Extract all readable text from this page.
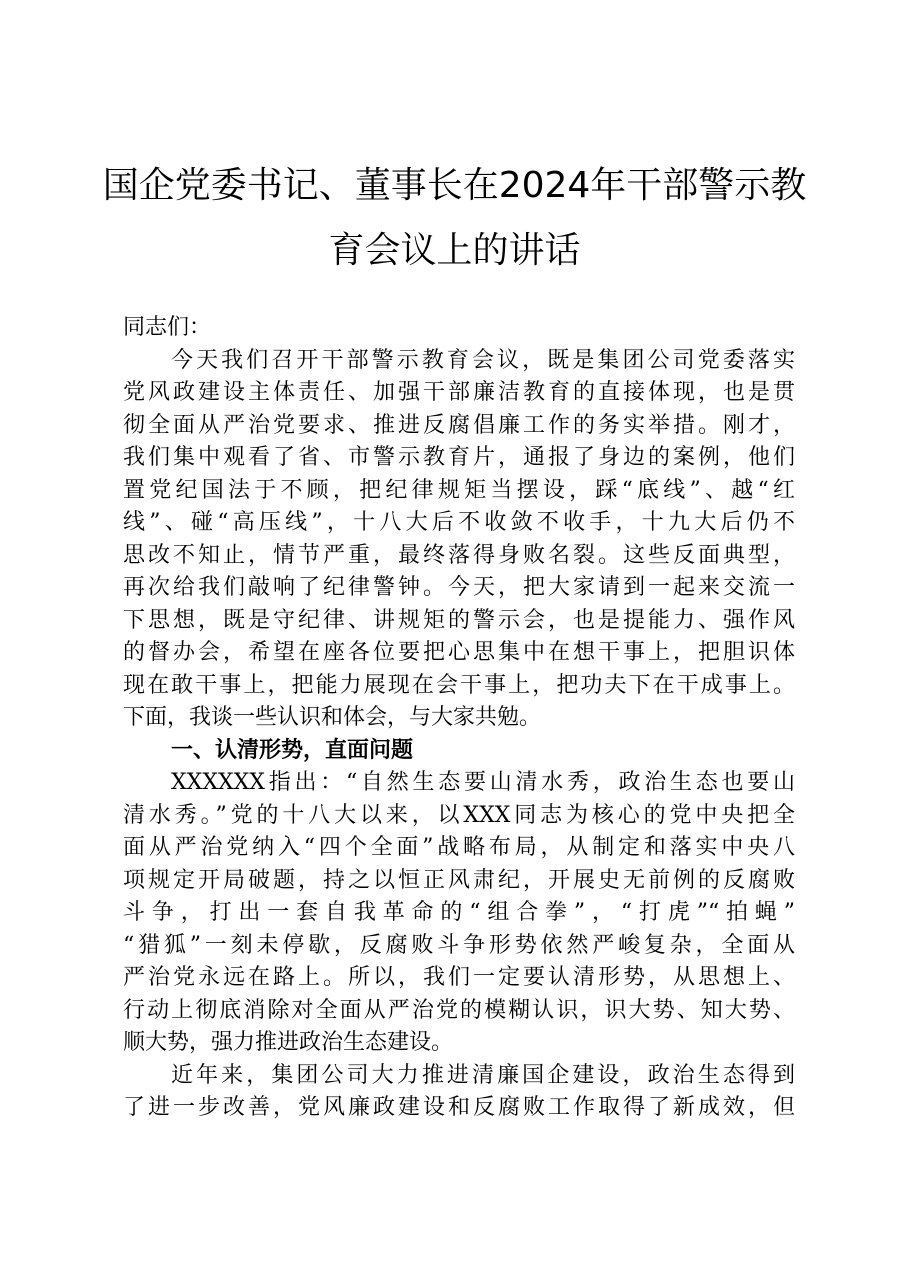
国企党委书记、董事长在2024年干部警示教
育会议上的讲话
同志们：
今天我们召开干部警示教育会议，既是集团公司党委落实
党风政建设主体责任、加强干部廉洁教育的直接体现，也是贯
彻全面从严治党要求、推进反腐倡廉工作的务实举措。刚才，
我们集中观看了省、市警示教育片，通报了身边的案例，他们
置党纪国法于不顾，把纪律规矩当摆设，踩“底线”、越“红
线”、碰“高压线”，十八大后不收敛不收手，十九大后仍不
思改不知止，情节严重，最终落得身败名裂。这些反面典型，
再次给我们敲响了纪律警钟。今天，把大家请到一起来交流一
下思想，既是守纪律、讲规矩的警示会，也是提能力、强作风
的督办会，希望在座各位要把心思集中在想干事上，把胆识体
现在敢干事上，把能力展现在会干事上，把功夫下在干成事上。
下面，我谈一些认识和体会，与大家共勉。
一、认清形势，直面问题
XXXXXX指出：“自然生态要山清水秀，政治生态也要山
清水秀。”党的十八大以来，以XXX同志为核心的党中央把全
面从严治党纳入“四个全面”战略布局，从制定和落实中央八
项规定开局破题，持之以恒正风肃纪，开展史无前例的反腐败
斗争，打出一套自我革命的“组合拳”，“打虎”“拍蝇”
“猎狐”一刻未停歇，反腐败斗争形势依然严峻复杂，全面从
严治党永远在路上。所以，我们一定要认清形势，从思想上、
行动上彻底消除对全面从严治党的模糊认识，识大势、知大势、
顺大势，强力推进政治生态建设。
近年来，集团公司大力推进清廉国企建设，政治生态得到
了进一步改善，党风廉政建设和反腐败工作取得了新成效，但
